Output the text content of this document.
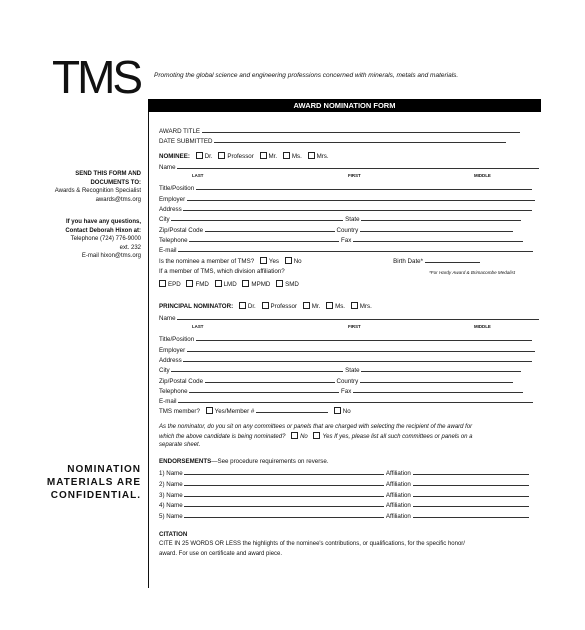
TMS Promoting the global science and engineering professions concerned with minerals, metals and materials.
AWARD NOMINATION FORM
SEND THIS FORM AND
DOCUMENTS TO:
Awards & Recognition Specialist
awards@tms.org
If you have any questions,
Contact Deborah Hixon at:
Telephone (724) 776-9000
ext. 232
E-mail hixon@tms.org
NOMINATION
MATERIALS ARE
CONFIDENTIAL.
AWARD TITLE
DATE SUBMITTED
NOMINEE: Dr. Professor Mr. Ms. Mrs.
Name
LAST	FIRST	MIDDLE
Title/Position
Employer
Address
City	State
Zip/Postal Code	Country
Telephone	Fax
E-mail
Is the nominee a member of TMS? Yes No	Birth Date*
If a member of TMS, which division affiliation?	*For Hardy Award & Brimacombe Medalist
EPD FMD LMD MPMD SMD
PRINCIPAL NOMINATOR: Dr. Professor Mr. Ms. Mrs.
Name
LAST	FIRST	MIDDLE
Title/Position
Employer
Address
City	State
Zip/Postal Code	Country
Telephone	Fax
E-mail
TMS member? Yes/Member #	No
As the nominator, do you sit on any committees or panels that are charged with selecting the recipient of the award for
which the above candidate is being nominated? No Yes If yes, please list all such committees or panels on a
separate sheet.
ENDORSEMENTS—See procedure requirements on reverse.
1) Name	Affiliation
2) Name	Affiliation
3) Name	Affiliation
4) Name	Affiliation
5) Name	Affiliation
CITATION
CITE IN 25 WORDS OR LESS the highlights of the nominee's contributions, or qualifications, for the specific honor/
award. For use on certificate and award piece.
